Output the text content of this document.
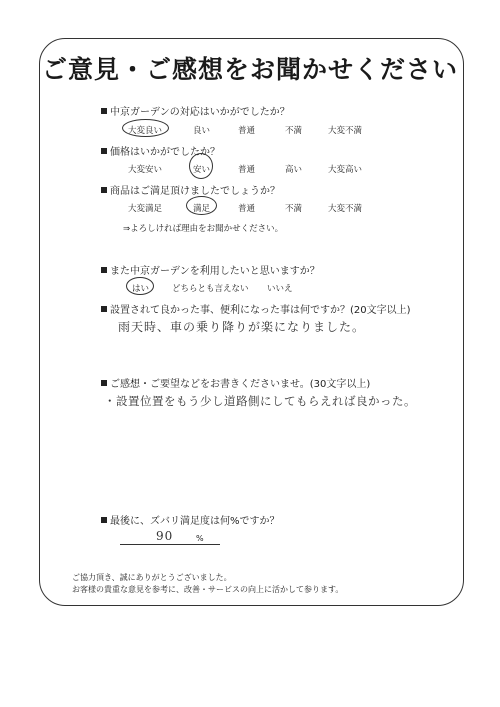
ご意見・ご感想をお聞かせください
中京ガーデンの対応はいかがでしたか？
大変良い	良い	普通	不満	大変不満
価格はいかがでしたか？
大変安い	安い	普通	高い	大変高い
商品はご満足頂けましたでしょうか？
大変満足	満足	普通	不満	大変不満
⇒よろしければ理由をお聞かせください。
また中京ガーデンを利用したいと思いますか？
はい	どちらとも言えない いいえ
設置されて良かった事、便利になった事は何ですか？(20文字以上)
雨天時、車の乗り降りが楽になりました。
ご感想・ご要望などをお書きくださいませ。(30文字以上)
・設置位置をもう少し道路側にしてもらえれば良かった。
最後に、ズバリ満足度は何%ですか？
90	%
ご協力頂き、誠にありがとうございました。
お客様の貴重な意見を参考に、改善・サービスの向上に活かして参ります。
